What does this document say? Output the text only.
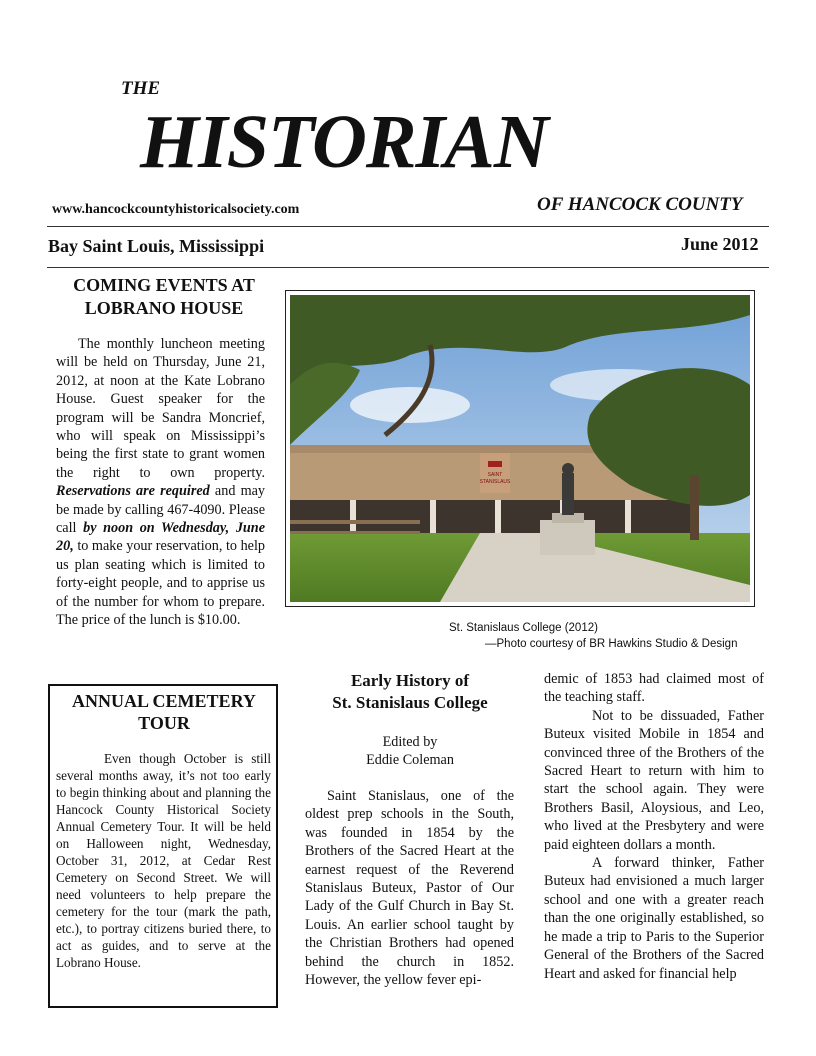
THE
HISTORIAN
www.hancockcountyhistoricalsociety.com	OF HANCOCK COUNTY
Bay Saint Louis, Mississippi	June 2012
COMING EVENTS AT
LOBRANO HOUSE

The monthly luncheon meeting will be held on Thursday, June 21, 2012, at noon at the Kate Lobrano House. Guest speaker for the program will be Sandra Moncrief, who will speak on Mississippi’s being the first state to grant women the right to own property. Reservations are required and may be made by calling 467-4090. Please call by noon on Wednesday, June 20, to make your reservation, to help us plan seating which is limited to forty-eight people, and to apprise us of the number for whom to prepare. The price of the lunch is $10.00.

ANNUAL CEMETERY
TOUR

Even though October is still several months away, it’s not too early to begin thinking about and planning the Hancock County Historical Society Annual Cemetery Tour. It will be held on Halloween night, Wednesday, October 31, 2012, at Cedar Rest Cemetery on Second Street. We will need volunteers to help prepare the cemetery for the tour (mark the path, etc.), to portray citizens buried there, to act as guides, and to serve at the Lobrano House.

SAINT
STANISLAUS
St. Stanislaus College (2012)
—Photo courtesy of BR Hawkins Studio & Design
Early History of
St. Stanislaus College
Edited by
Eddie Coleman

Saint Stanislaus, one of the oldest prep schools in the South, was founded in 1854 by the Brothers of the Sacred Heart at the earnest request of the Reverend Stanislaus Buteux, Pastor of Our Lady of the Gulf Church in Bay St. Louis. An earlier school taught by the Christian Brothers had opened behind the church in 1852. However, the yellow fever epi-

demic of 1853 had claimed most of the teaching staff.

Not to be dissuaded, Father Buteux visited Mobile in 1854 and convinced three of the Brothers of the Sacred Heart to return with him to start the school again. They were Brothers Basil, Aloysious, and Leo, who lived at the Presbytery and were paid eighteen dollars a month.

A forward thinker, Father Buteux had envisioned a much larger school and one with a greater reach than the one originally established, so he made a trip to Paris to the Superior General of the Brothers of the Sacred Heart and asked for financial help
